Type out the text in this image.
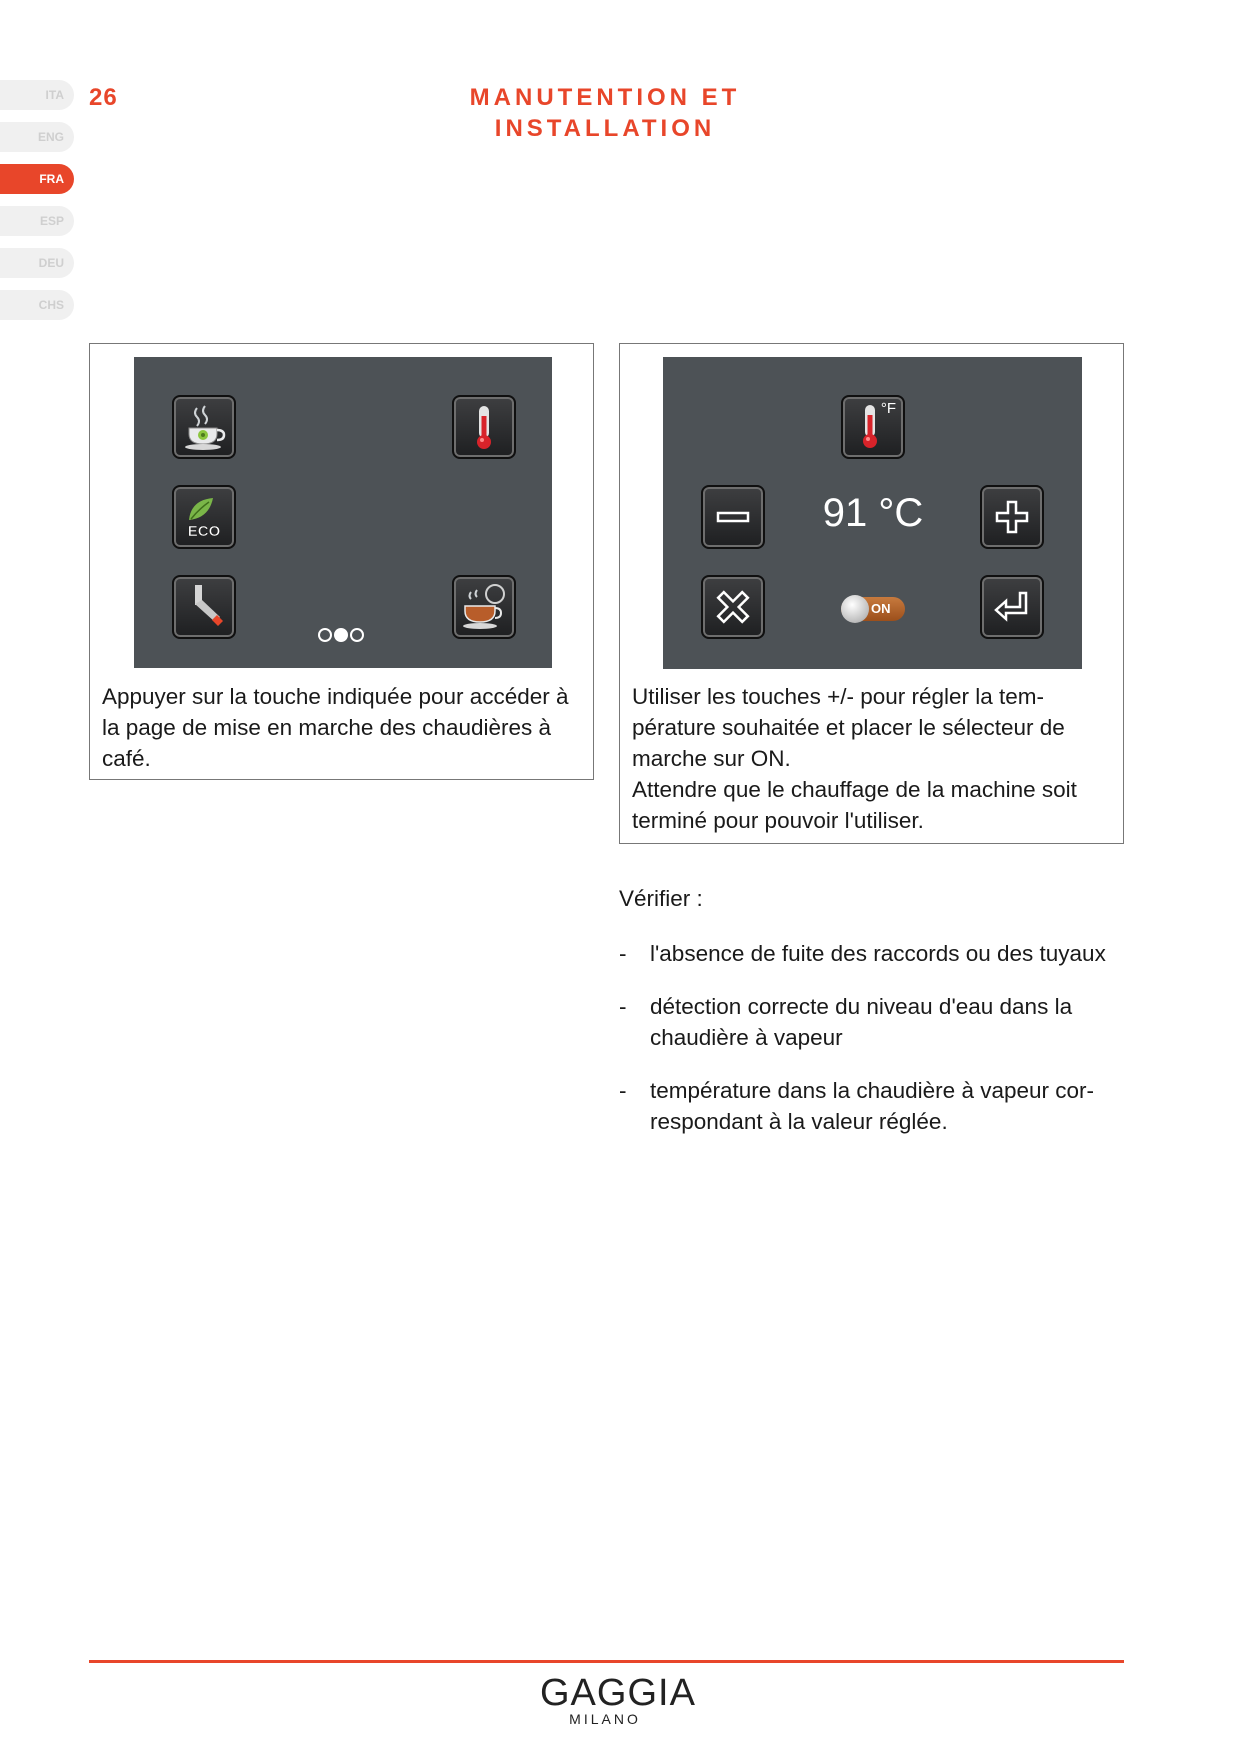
ITA
ENG
FRA
ESP
DEU
CHS
26	MANUTENTION ET
INSTALLATION
ECO

Appuyer sur la touche indiquée pour accéder à la page de mise en marche des chaudières à café.

°F
91 °C
ON

Utiliser les touches +/- pour régler la tem-pérature souhaitée et placer le sélecteur de marche sur ON.

Attendre que le chauffage de la machine soit terminé pour pouvoir l'utiliser.

Vérifier :

- l'absence de fuite des raccords ou des tuyaux
- détection correcte du niveau d'eau dans la chaudière à vapeur
- température dans la chaudière à vapeur cor-respondant à la valeur réglée.
GAGGIA
MILANO
